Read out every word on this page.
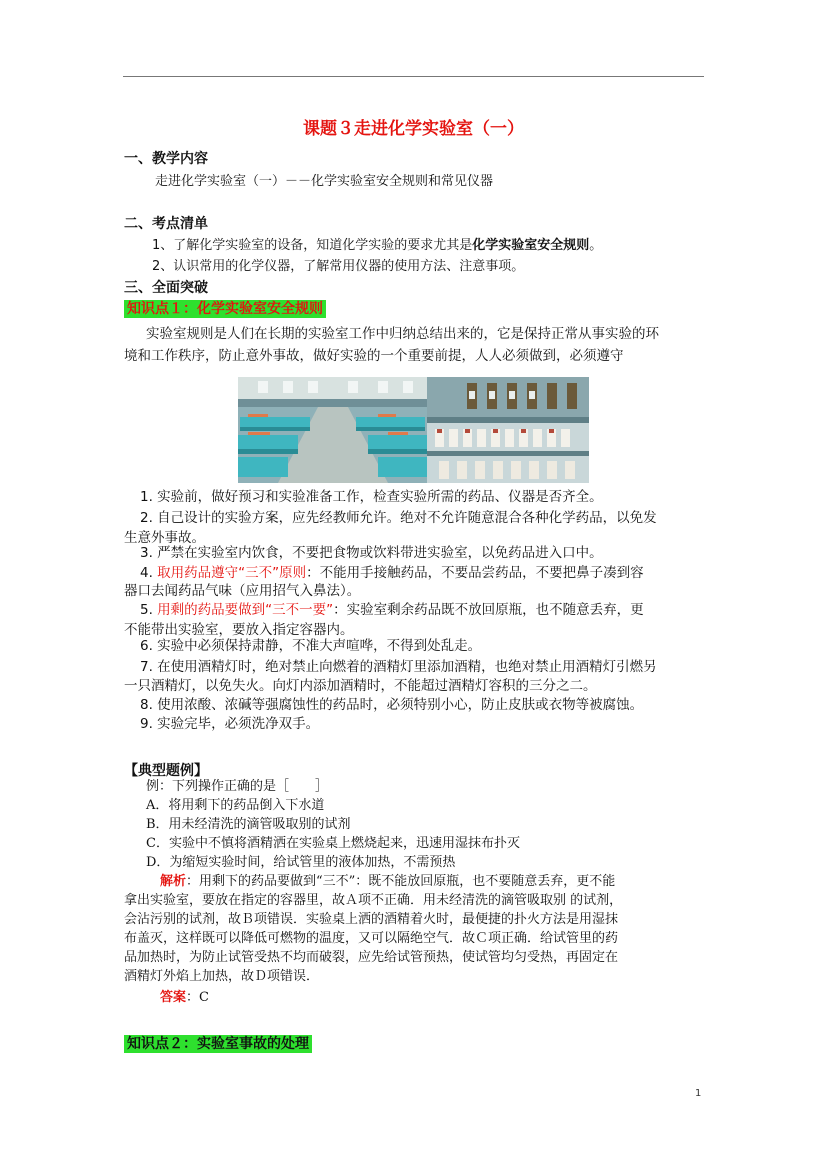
课题３走进化学实验室（一）
一、教学内容
走进化学实验室（一）－－化学实验室安全规则和常见仪器
二、考点清单
1、了解化学实验室的设备，知道化学实验的要求尤其是化学实验室安全规则。
2、认识常用的化学仪器，了解常用仪器的使用方法、注意事项。
三、全面突破
知识点１：化学实验室安全规则
实验室规则是人们在长期的实验室工作中归纳总结出来的，它是保持正常从事实验的环
境和工作秩序，防止意外事故，做好实验的一个重要前提，人人必须做到，必须遵守
1. 实验前，做好预习和实验准备工作，检查实验所需的药品、仪器是否齐全。
2. 自己设计的实验方案，应先经教师允许。绝对不允许随意混合各种化学药品，以免发
生意外事故。
3. 严禁在实验室内饮食，不要把食物或饮料带进实验室，以免药品进入口中。
4. 取用药品遵守“三不”原则：不能用手接触药品，不要品尝药品，不要把鼻子凑到容
器口去闻药品气味（应用招气入鼻法）。
5. 用剩的药品要做到“三不一要”：实验室剩余药品既不放回原瓶，也不随意丢弃，更
不能带出实验室，要放入指定容器内。
6. 实验中必须保持肃静，不准大声喧哗，不得到处乱走。
7. 在使用酒精灯时，绝对禁止向燃着的酒精灯里添加酒精，也绝对禁止用酒精灯引燃另
一只酒精灯，以免失火。向灯内添加酒精时，不能超过酒精灯容积的三分之二。
8. 使用浓酸、浓碱等强腐蚀性的药品时，必须特别小心，防止皮肤或衣物等被腐蚀。
9. 实验完毕，必须洗净双手。
【典型题例】
例：下列操作正确的是［　　］
A．将用剩下的药品倒入下水道
B．用未经清洗的滴管吸取别的试剂
C．实验中不慎将酒精洒在实验桌上燃烧起来，迅速用湿抹布扑灭
D．为缩短实验时间，给试管里的液体加热，不需预热
解析：用剩下的药品要做到“三不”：既不能放回原瓶，也不要随意丢弃，更不能
拿出实验室，要放在指定的容器里，故Ａ项不正确．用未经清洗的滴管吸取别 的试剂，
会沾污别的试剂，故Ｂ项错误．实验桌上洒的酒精着火时，最便捷的扑火方法是用湿抹
布盖灭，这样既可以降低可燃物的温度，又可以隔绝空气．故Ｃ项正确．给试管里的药
品加热时，为防止试管受热不均而破裂，应先给试管预热，使试管均匀受热，再固定在
酒精灯外焰上加热，故Ｄ项错误．
答案：C
知识点２：实验室事故的处理
1
